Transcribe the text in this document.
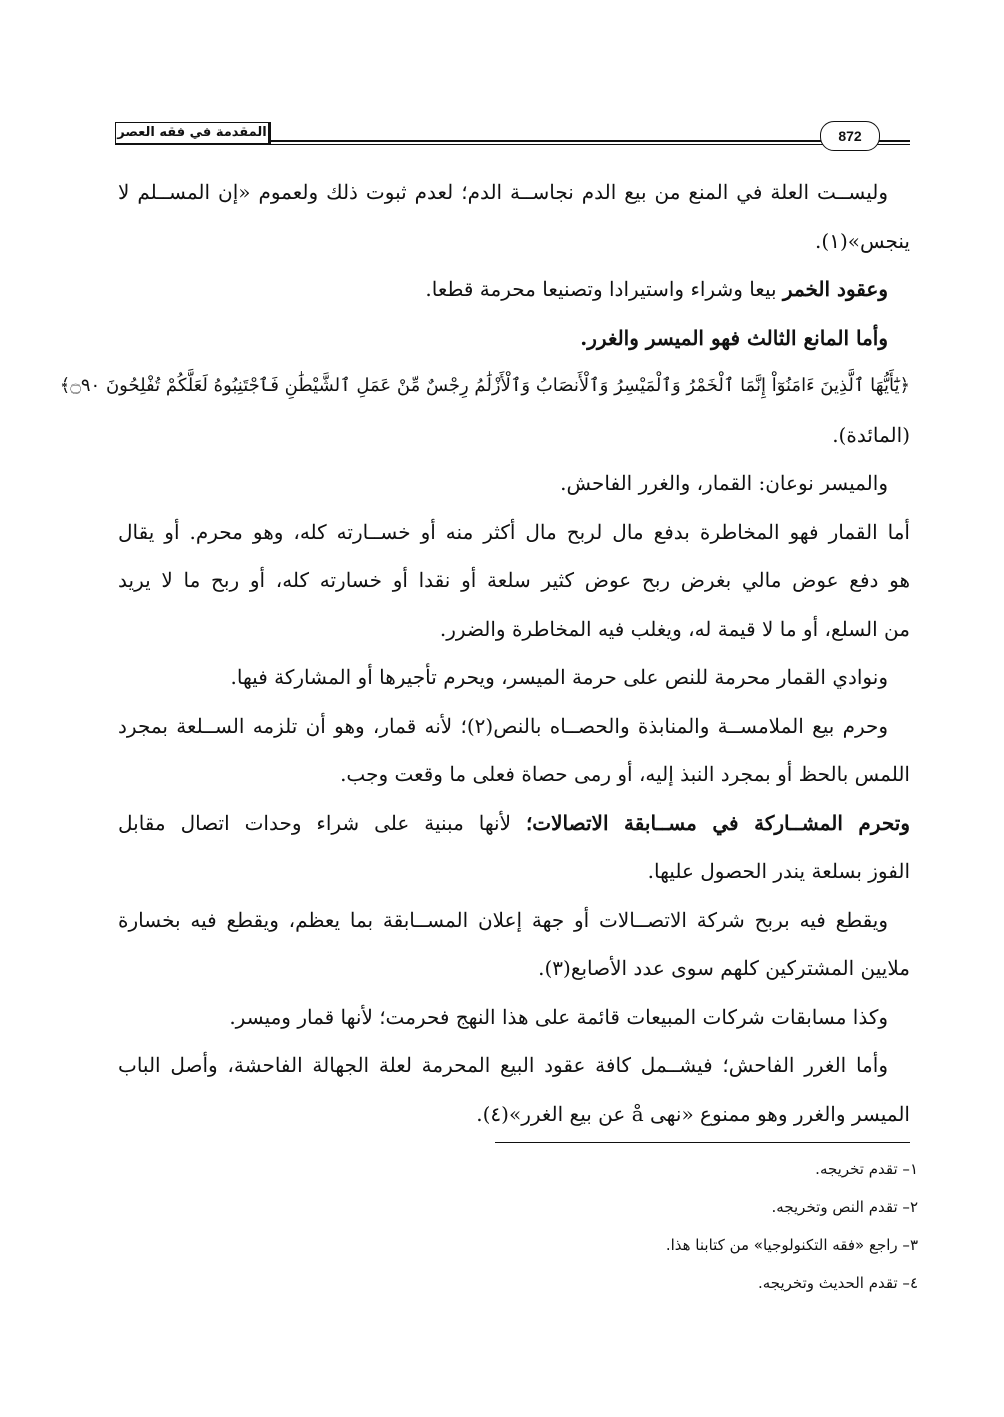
المقدمة في فقه العصر	872
وليســت العلة في المنع من بيع الدم نجاســة الدم؛ لعدم ثبوت ذلك ولعموم «إن المســلم لا
ينجس»(١).
وعقود الخمر بيعا وشراء واستيرادا وتصنيعا محرمة قطعا.
وأما المانع الثالث فهو الميسر والغرر.
﴿يَٰٓأَيُّهَا ٱلَّذِينَ ءَامَنُوٓاْ إِنَّمَا ٱلْخَمْرُ وَٱلْمَيْسِرُ وَٱلْأَنصَابُ وَٱلْأَزْلَٰمُ رِجْسٌ مِّنْ عَمَلِ ٱلشَّيْطَٰنِ فَٱجْتَنِبُوهُ لَعَلَّكُمْ تُفْلِحُونَ ۝٩٠﴾
(المائدة).
والميسر نوعان: القمار، والغرر الفاحش.
أما القمار فهو المخاطرة بدفع مال لربح مال أكثر منه أو خســارته كله، وهو محرم. أو يقال
هو دفع عوض مالي بغرض ربح عوض كثير سلعة أو نقدا أو خسارته كله، أو ربح ما لا يريد
من السلع، أو ما لا قيمة له، ويغلب فيه المخاطرة والضرر.
ونوادي القمار محرمة للنص على حرمة الميسر، ويحرم تأجيرها أو المشاركة فيها.
وحرم بيع الملامســة والمنابذة والحصــاه بالنص(٢)؛ لأنه قمار، وهو أن تلزمه الســلعة بمجرد
اللمس بالحظ أو بمجرد النبذ إليه، أو رمى حصاة فعلى ما وقعت وجب.
وتحرم المشــاركة في مســابقة الاتصالات؛ لأنها مبنية على شراء وحدات اتصال مقابل
الفوز بسلعة يندر الحصول عليها.
ويقطع فيه بربح شركة الاتصــالات أو جهة إعلان المســابقة بما يعظم، ويقطع فيه بخسارة
ملايين المشتركين كلهم سوى عدد الأصابع(٣).
وكذا مسابقات شركات المبيعات قائمة على هذا النهج فحرمت؛ لأنها قمار وميسر.
وأما الغرر الفاحش؛ فيشــمل كافة عقود البيع المحرمة لعلة الجهالة الفاحشة، وأصل الباب
الميسر والغرر وهو ممنوع «نهى å عن بيع الغرر»(٤).
١– تقدم تخريجه.
٢– تقدم النص وتخريجه.
٣– راجع «فقه التكنولوجيا» من كتابنا هذا.
٤– تقدم الحديث وتخريجه.
